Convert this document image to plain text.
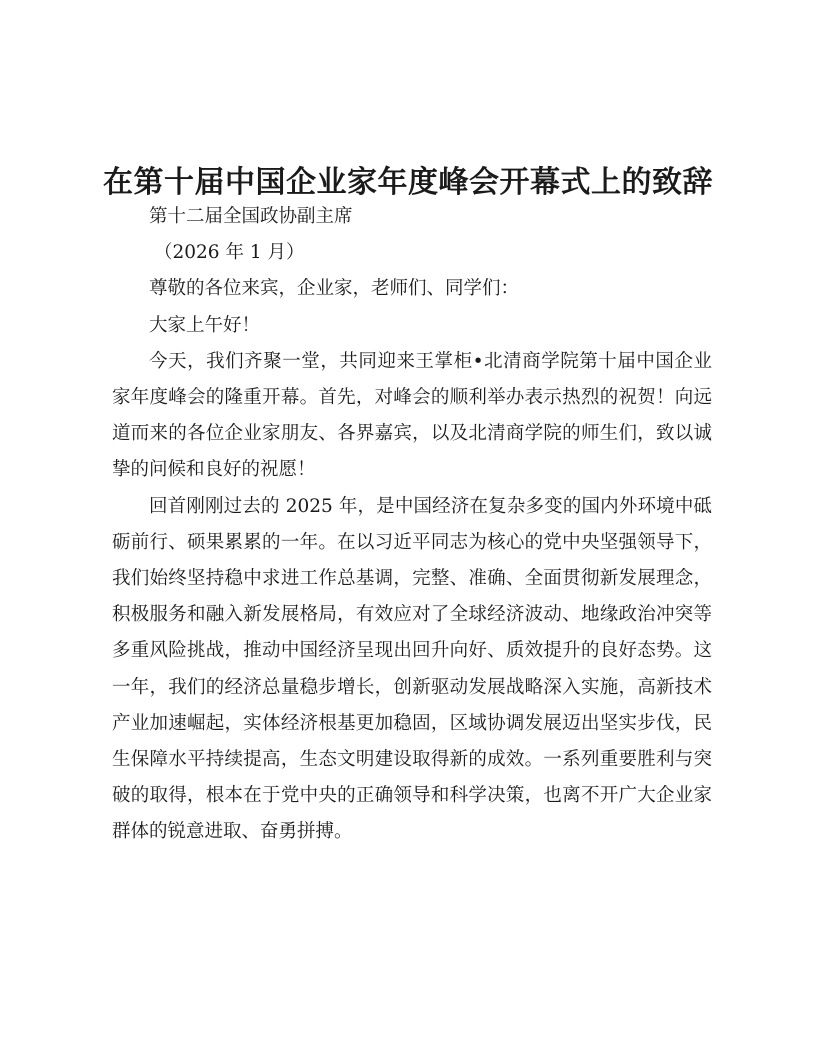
在第十届中国企业家年度峰会开幕式上的致辞

第十二届全国政协副主席

（2026 年 1 月）

尊敬的各位来宾，企业家，老师们、同学们：

大家上午好！

今天，我们齐聚一堂，共同迎来王掌柜•北清商学院第十届中国企业家年度峰会的隆重开幕。首先，对峰会的顺利举办表示热烈的祝贺！向远道而来的各位企业家朋友、各界嘉宾，以及北清商学院的师生们，致以诚挚的问候和良好的祝愿！

回首刚刚过去的 2025 年，是中国经济在复杂多变的国内外环境中砥砺前行、硕果累累的一年。在以习近平同志为核心的党中央坚强领导下，我们始终坚持稳中求进工作总基调，完整、准确、全面贯彻新发展理念，积极服务和融入新发展格局，有效应对了全球经济波动、地缘政治冲突等多重风险挑战，推动中国经济呈现出回升向好、质效提升的良好态势。这一年，我们的经济总量稳步增长，创新驱动发展战略深入实施，高新技术产业加速崛起，实体经济根基更加稳固，区域协调发展迈出坚实步伐，民生保障水平持续提高，生态文明建设取得新的成效。一系列重要胜利与突破的取得，根本在于党中央的正确领导和科学决策，也离不开广大企业家群体的锐意进取、奋勇拼搏。
